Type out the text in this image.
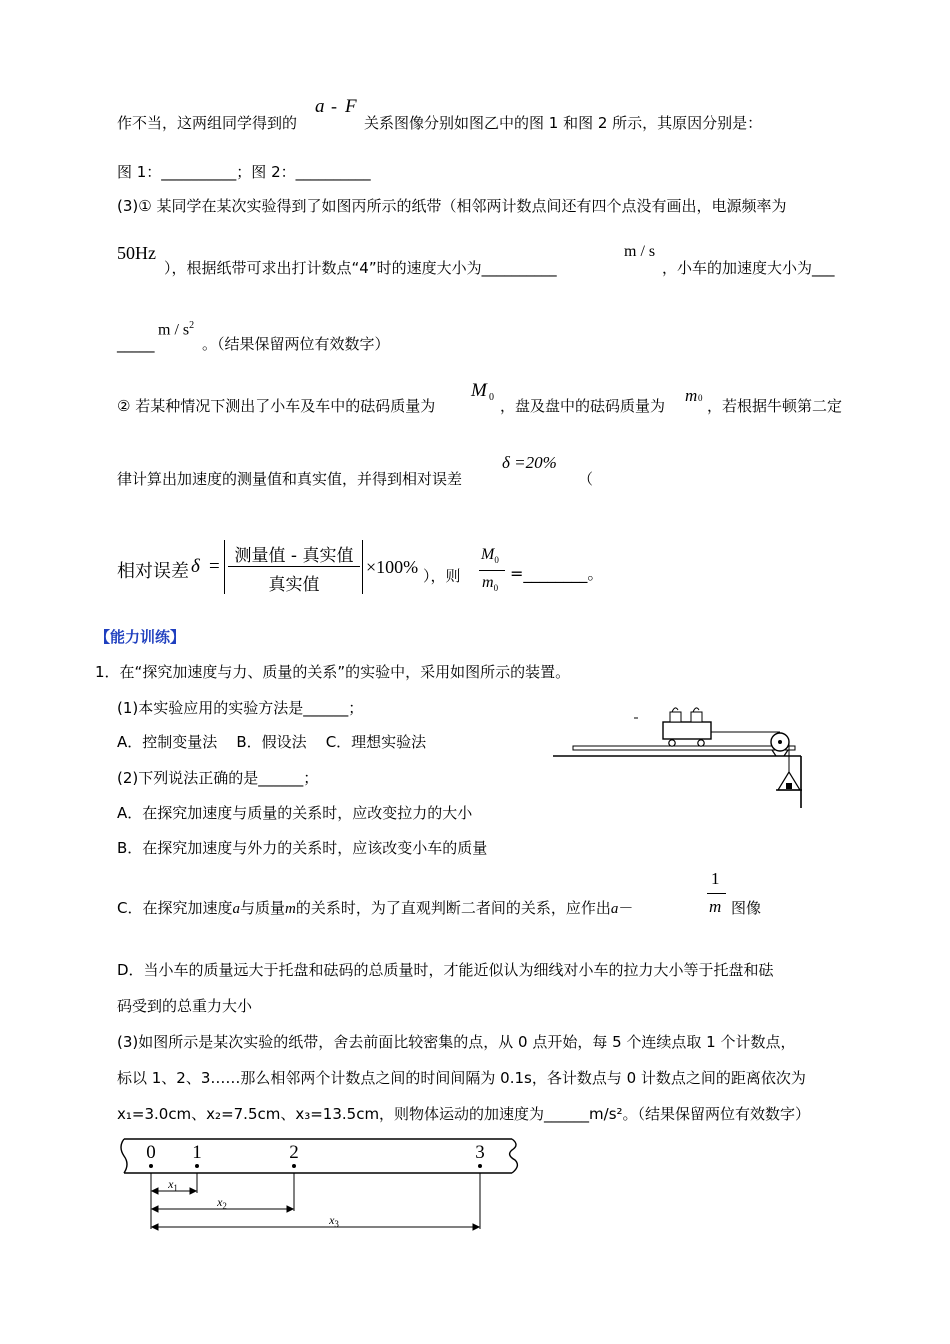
作不当，这两组同学得到的
a - F
关系图像分别如图乙中的图 1 和图 2 所示，其原因分别是：
图 1：__________；图 2：__________
(3)① 某同学在某次实验得到了如图丙所示的纸带（相邻两计数点间还有四个点没有画出，电源频率为
50Hz
），根据纸带可求出打计数点“4”时的速度大小为__________
m / s
，小车的加速度大小为___
_____
m / $s^2$
。（结果保留两位有效数字）
② 若某种情况下测出了小车及车中的砝码质量为
M 0 ，盘及盘中的砝码质量为
m 0 ，若根据牛顿第二定
律计算出加速度的测量值和真实值，并得到相对误差
δ =20%
（
相对误差 δ = 测量值 - 真实值
真实值
×100% ），则
$M_0$
$m_0$
=________。
【能力训练】
1．在“探究加速度与力、质量的关系”的实验中，采用如图所示的装置。
(1)本实验应用的实验方法是______；
A．控制变量法    B．假设法    C．理想实验法
(2)下列说法正确的是______；
A．在探究加速度与质量的关系时，应改变拉力的大小
B．在探究加速度与外力的关系时，应该改变小车的质量
C．在探究加速度a与质量m的关系时，为了直观判断二者间的关系，应作出a－
1
m 图像
D．当小车的质量远大于托盘和砝码的总质量时，才能近似认为细线对小车的拉力大小等于托盘和砝
码受到的总重力大小
(3)如图所示是某次实验的纸带，舍去前面比较密集的点，从 0 点开始，每 5 个连续点取 1 个计数点，
标以 1、2、3……那么相邻两个计数点之间的时间间隔为 0.1s，各计数点与 0 计数点之间的距离依次为
x₁=3.0cm、x₂=7.5cm、x₃=13.5cm，则物体运动的加速度为______m/s²。（结果保留两位有效数字）
0 1	2	3
$x_1$
$x_2$
$x_3$
